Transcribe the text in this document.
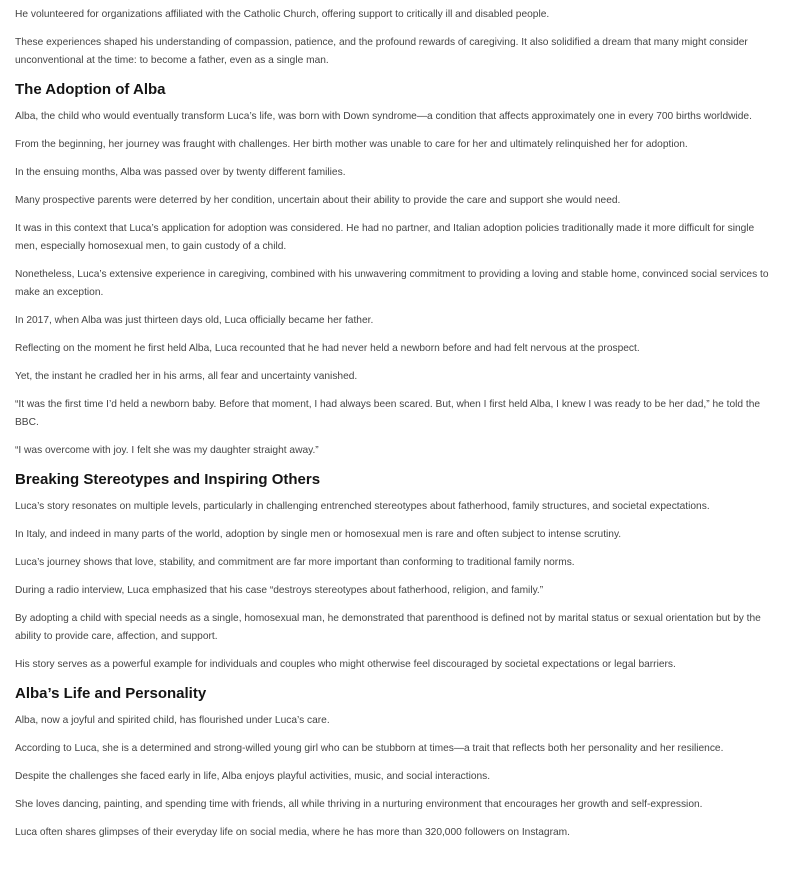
He volunteered for organizations affiliated with the Catholic Church, offering support to critically ill and disabled people.

These experiences shaped his understanding of compassion, patience, and the profound rewards of caregiving. It also solidified a dream that many might consider unconventional at the time: to become a father, even as a single man.

The Adoption of Alba

Alba, the child who would eventually transform Luca’s life, was born with Down syndrome—a condition that affects approximately one in every 700 births worldwide.

From the beginning, her journey was fraught with challenges. Her birth mother was unable to care for her and ultimately relinquished her for adoption.

In the ensuing months, Alba was passed over by twenty different families.

Many prospective parents were deterred by her condition, uncertain about their ability to provide the care and support she would need.

It was in this context that Luca’s application for adoption was considered. He had no partner, and Italian adoption policies traditionally made it more difficult for single men, especially homosexual men, to gain custody of a child.

Nonetheless, Luca’s extensive experience in caregiving, combined with his unwavering commitment to providing a loving and stable home, convinced social services to make an exception.

In 2017, when Alba was just thirteen days old, Luca officially became her father.

Reflecting on the moment he first held Alba, Luca recounted that he had never held a newborn before and had felt nervous at the prospect.

Yet, the instant he cradled her in his arms, all fear and uncertainty vanished.

“It was the first time I’d held a newborn baby. Before that moment, I had always been scared. But, when I first held Alba, I knew I was ready to be her dad,” he told the BBC.

“I was overcome with joy. I felt she was my daughter straight away.”

Breaking Stereotypes and Inspiring Others

Luca’s story resonates on multiple levels, particularly in challenging entrenched stereotypes about fatherhood, family structures, and societal expectations.

In Italy, and indeed in many parts of the world, adoption by single men or homosexual men is rare and often subject to intense scrutiny.

Luca’s journey shows that love, stability, and commitment are far more important than conforming to traditional family norms.

During a radio interview, Luca emphasized that his case “destroys stereotypes about fatherhood, religion, and family.”

By adopting a child with special needs as a single, homosexual man, he demonstrated that parenthood is defined not by marital status or sexual orientation but by the ability to provide care, affection, and support.

His story serves as a powerful example for individuals and couples who might otherwise feel discouraged by societal expectations or legal barriers.

Alba’s Life and Personality

Alba, now a joyful and spirited child, has flourished under Luca’s care.

According to Luca, she is a determined and strong-willed young girl who can be stubborn at times—a trait that reflects both her personality and her resilience.

Despite the challenges she faced early in life, Alba enjoys playful activities, music, and social interactions.

She loves dancing, painting, and spending time with friends, all while thriving in a nurturing environment that encourages her growth and self-expression.

Luca often shares glimpses of their everyday life on social media, where he has more than 320,000 followers on Instagram.
